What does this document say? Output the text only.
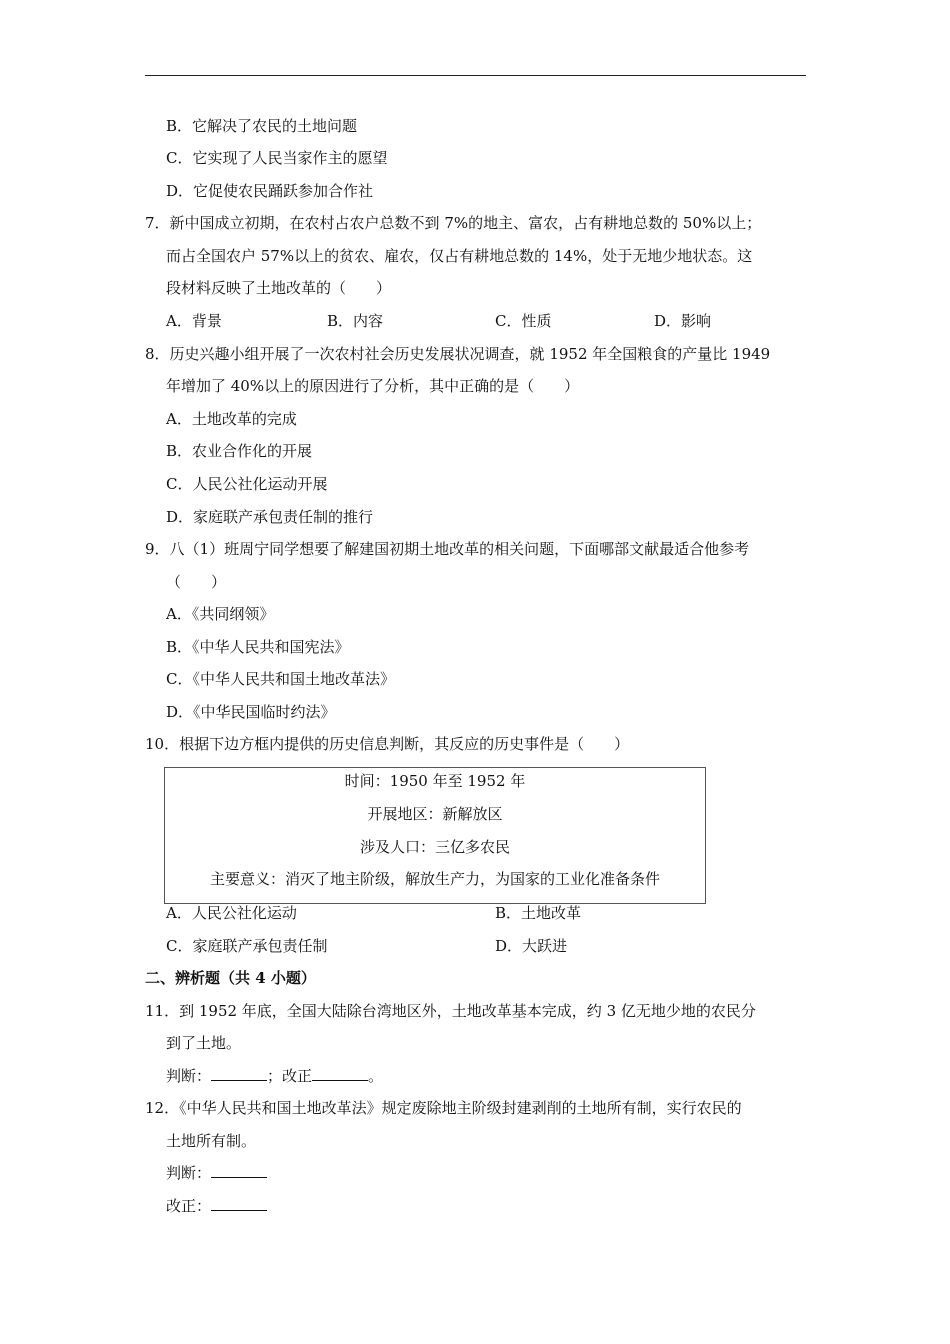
B．它解决了农民的土地问题
C．它实现了人民当家作主的愿望
D．它促使农民踊跃参加合作社
7．新中国成立初期，在农村占农户总数不到 7%的地主、富农，占有耕地总数的 50%以上；
而占全国农户 57%以上的贫农、雇农，仅占有耕地总数的 14%，处于无地少地状态。这
段材料反映了土地改革的（　　）
A．背景	B．内容	C．性质	D．影响
8．历史兴趣小组开展了一次农村社会历史发展状况调查，就 1952 年全国粮食的产量比 1949
年增加了 40%以上的原因进行了分析，其中正确的是（　　）
A．土地改革的完成
B．农业合作化的开展
C．人民公社化运动开展
D．家庭联产承包责任制的推行
9．八（1）班周宁同学想要了解建国初期土地改革的相关问题，下面哪部文献最适合他参考
（　　）
A．《共同纲领》
B．《中华人民共和国宪法》
C．《中华人民共和国土地改革法》
D．《中华民国临时约法》
10．根据下边方框内提供的历史信息判断，其反应的历史事件是（　　）
时间：1950 年至 1952 年
开展地区：新解放区
涉及人口：三亿多农民
主要意义：消灭了地主阶级，解放生产力，为国家的工业化准备条件
A．人民公社化运动	B．土地改革
C．家庭联产承包责任制	D．大跃进
二、辨析题（共 4 小题）
11．到 1952 年底，全国大陆除台湾地区外，土地改革基本完成，约 3 亿无地少地的农民分
到了土地。
判断：	；改正	。
12．《中华人民共和国土地改革法》规定废除地主阶级封建剥削的土地所有制，实行农民的
土地所有制。
判断：
改正：
